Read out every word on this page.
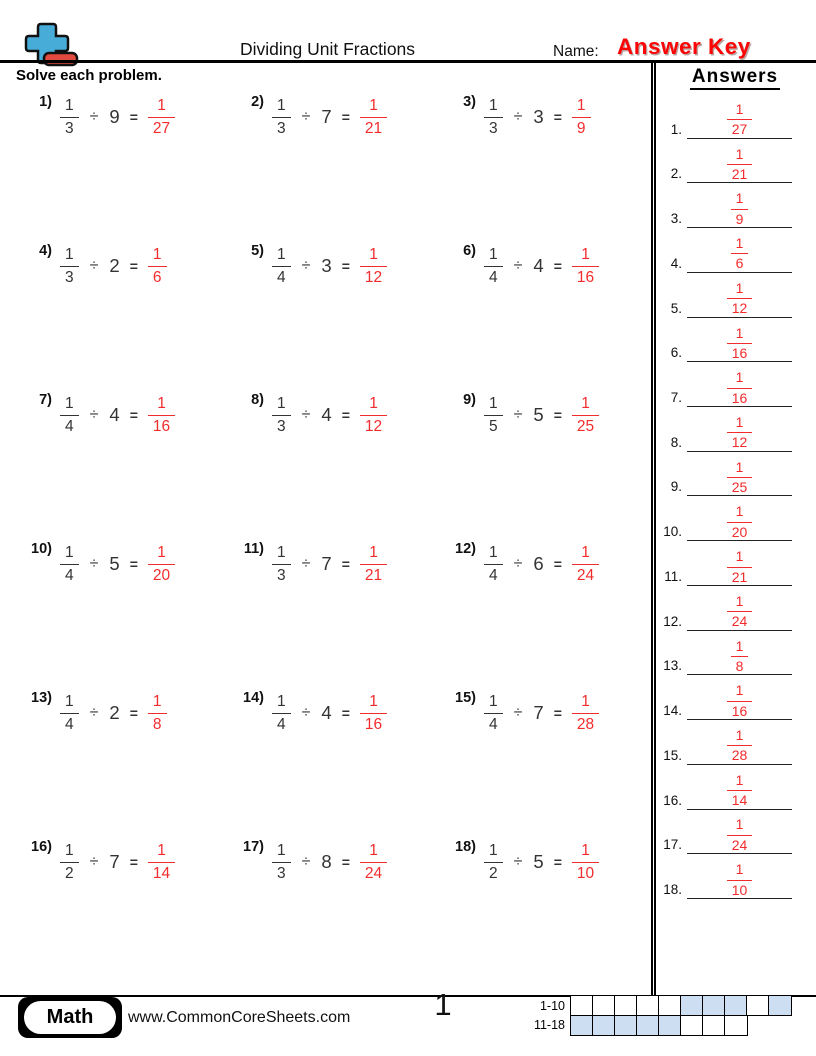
Dividing Unit Fractions	Name: Answer Key
Solve each problem.
$1) \frac{1}{3} \div 9 = \frac{1}{27}$	$2) \frac{1}{3} \div 7 = \frac{1}{21}$	$3) \frac{1}{3} \div 3 = \frac{1}{9}$
$4) \frac{1}{3} \div 2 = \frac{1}{6}$	$5) \frac{1}{4} \div 3 = \frac{1}{12}$	$6) \frac{1}{4} \div 4 = \frac{1}{16}$
$7) \frac{1}{4} \div 4 = \frac{1}{16}$	$8) \frac{1}{3} \div 4 = \frac{1}{12}$	$9) \frac{1}{5} \div 5 = \frac{1}{25}$
$10) \frac{1}{4} \div 5 = \frac{1}{20}$	$11) \frac{1}{3} \div 7 = \frac{1}{21}$	$12) \frac{1}{4} \div 6 = \frac{1}{24}$
$13) \frac{1}{4} \div 2 = \frac{1}{8}$	$14) \frac{1}{4} \div 4 = \frac{1}{16}$	$15) \frac{1}{4} \div 7 = \frac{1}{28}$
$16) \frac{1}{2} \div 7 = \frac{1}{14}$	$17) \frac{1}{3} \div 8 = \frac{1}{24}$	$18) \frac{1}{2} \div 5 = \frac{1}{10}$
Answers
1.	$\frac{1}{27}$
2.	$\frac{1}{21}$
3.	$\frac{1}{9}$
4.	$\frac{1}{6}$
5.	$\frac{1}{12}$
6.	$\frac{1}{16}$
7.	$\frac{1}{16}$
8.	$\frac{1}{12}$
9.	$\frac{1}{25}$
10.	$\frac{1}{20}$
11.	$\frac{1}{21}$
12.	$\frac{1}{24}$
13.	$\frac{1}{8}$
14.	$\frac{1}{16}$
15.	$\frac{1}{28}$
16.	$\frac{1}{14}$
17.	$\frac{1}{24}$
18.	$\frac{1}{10}$
Math	www.CommonCoreSheets.com	1	1-10
11-18
